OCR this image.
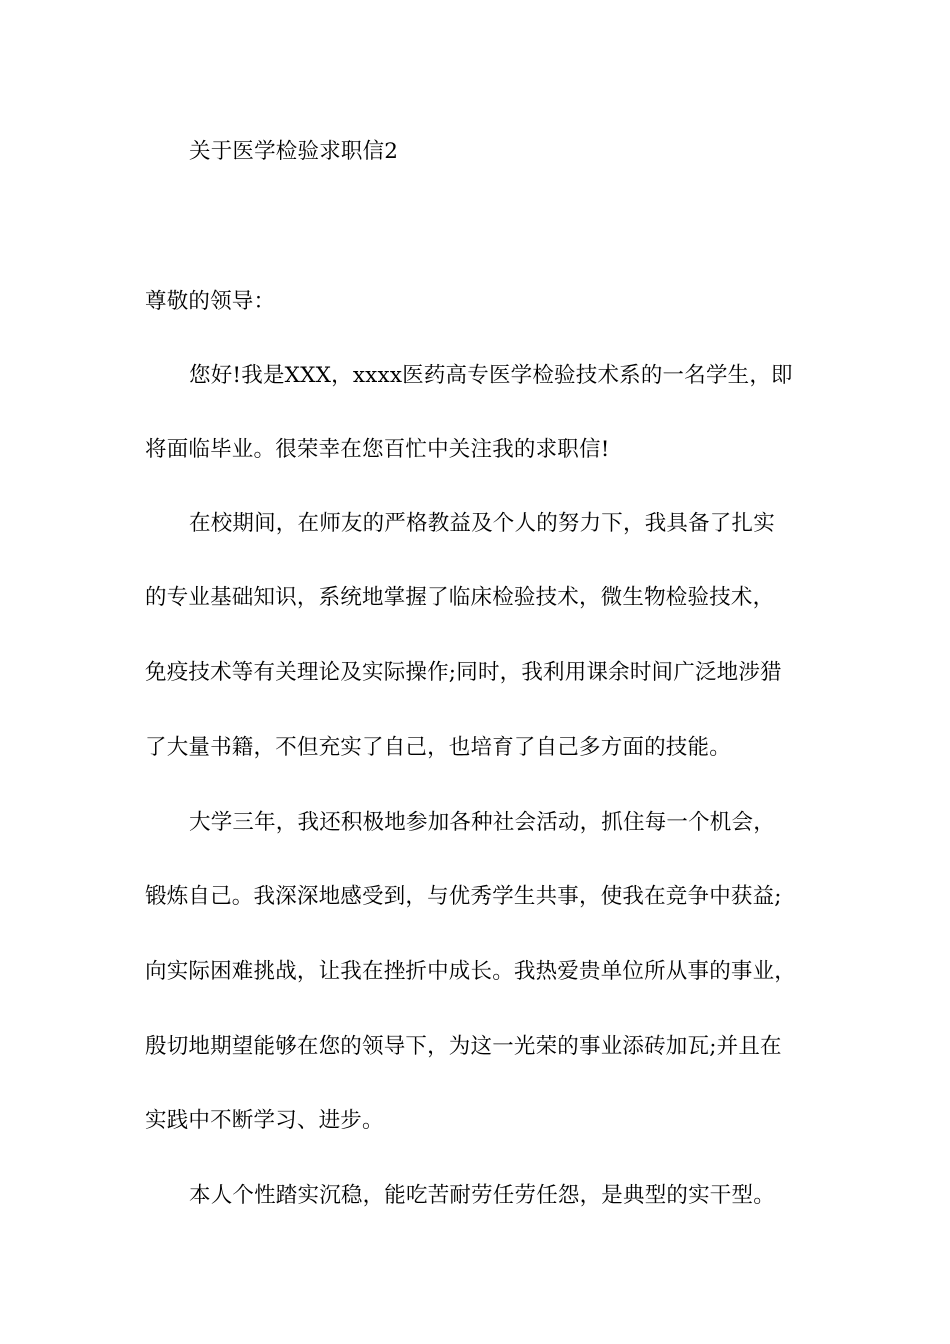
关于医学检验求职信2

尊敬的领导：

您好!我是XXX，xxxx医药高专医学检验技术系的一名学生，即

将面临毕业。很荣幸在您百忙中关注我的求职信!

在校期间，在师友的严格教益及个人的努力下，我具备了扎实

的专业基础知识，系统地掌握了临床检验技术，微生物检验技术，

免疫技术等有关理论及实际操作;同时，我利用课余时间广泛地涉猎

了大量书籍，不但充实了自己，也培育了自己多方面的技能。

大学三年，我还积极地参加各种社会活动，抓住每一个机会，

锻炼自己。我深深地感受到，与优秀学生共事，使我在竞争中获益;

向实际困难挑战，让我在挫折中成长。我热爱贵单位所从事的事业，

殷切地期望能够在您的领导下，为这一光荣的事业添砖加瓦;并且在

实践中不断学习、进步。

本人个性踏实沉稳，能吃苦耐劳任劳任怨，是典型的实干型。
